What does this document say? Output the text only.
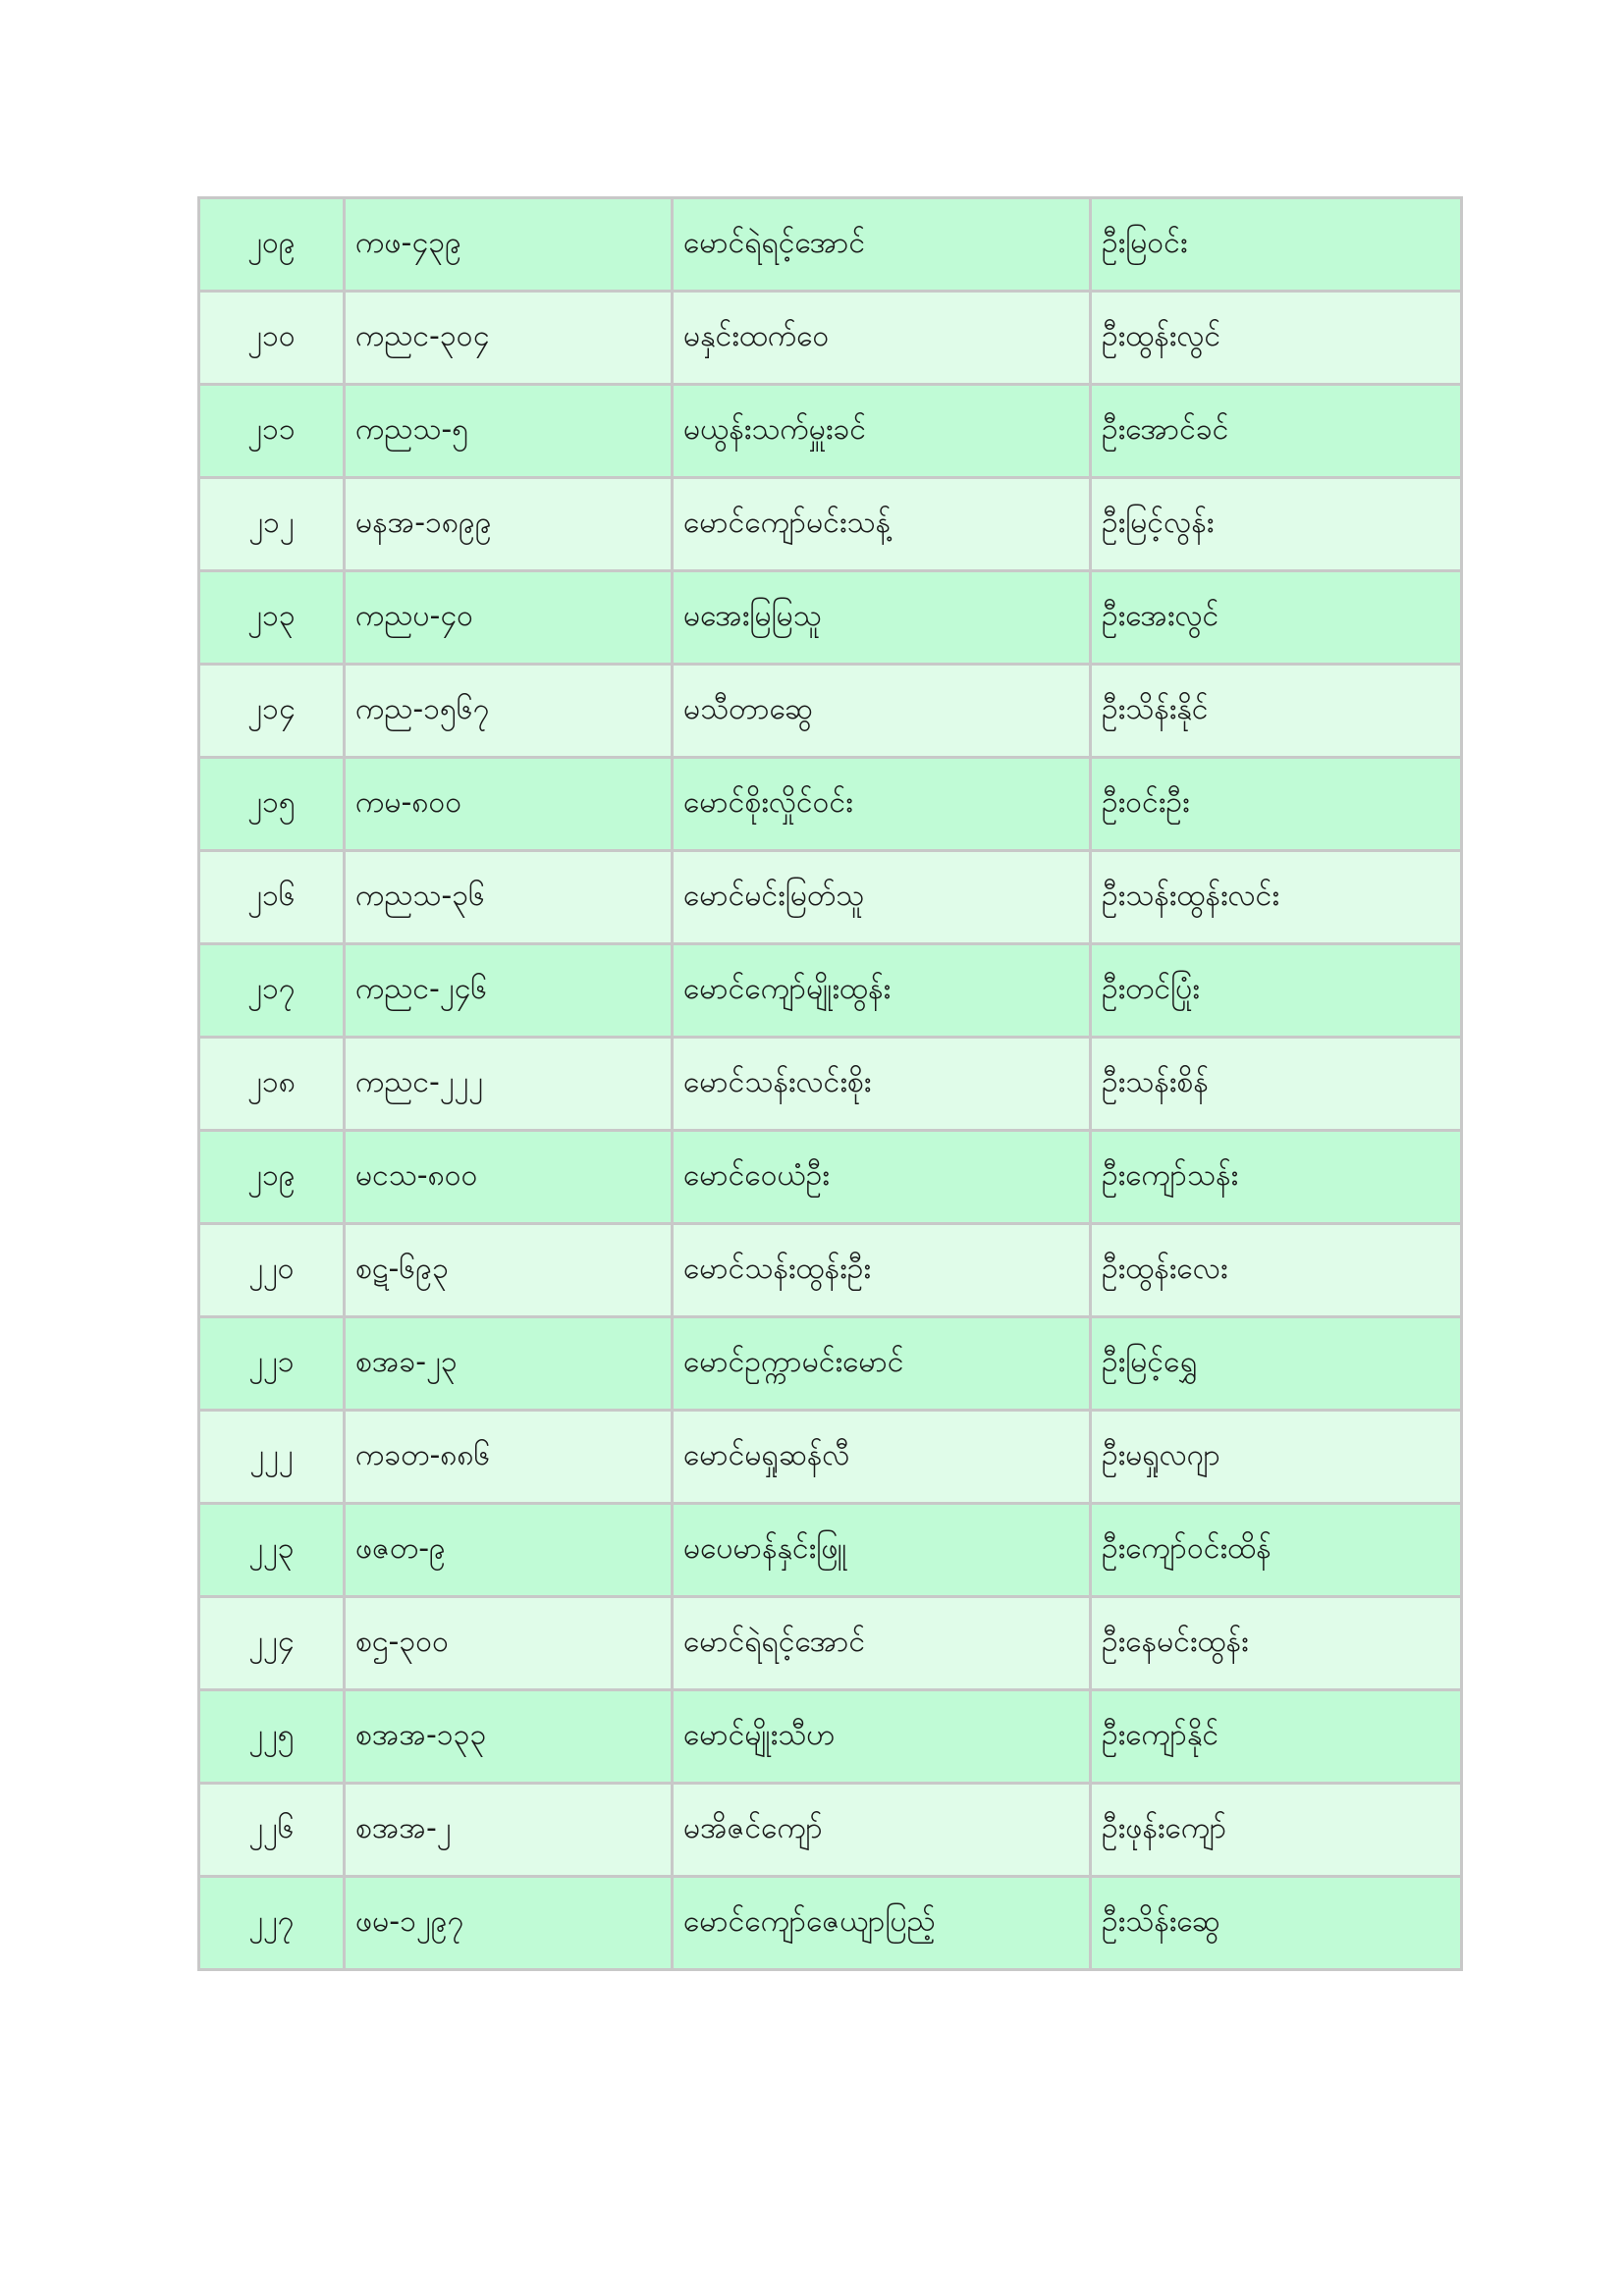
၂၀၉	ကဖ-၄၃၉	မောင်ရဲရင့်အောင်	ဦးမြဝင်း
၂၁၀	ကညင-၃၀၄	မနှင်းထက်ဝေ	ဦးထွန်းလွင်
၂၁၁	ကညသ-၅	မယွန်းသက်မှူးခင်	ဦးအောင်ခင်
၂၁၂	မနအ-၁၈၉၉	မောင်ကျော်မင်းသန့်	ဦးမြင့်လွန်း
၂၁၃	ကညပ-၄၀	မအေးမြမြသူ	ဦးအေးလွင်
၂၁၄	ကည-၁၅၆၇	မသီတာဆွေ	ဦးသိန်းနိုင်
၂၁၅	ကမ-၈၀၀	မောင်စိုးလှိုင်ဝင်း	ဦးဝင်းဦး
၂၁၆	ကညသ-၃၆	မောင်မင်းမြတ်သူ	ဦးသန်းထွန်းလင်း
၂၁၇	ကညင-၂၄၆	မောင်ကျော်မျိုးထွန်း	ဦးတင်ပြုံး
၂၁၈	ကညင-၂၂၂	မောင်သန်းလင်းစိုး	ဦးသန်းစိန်
၂၁၉	မငသ-၈၀၀	မောင်ဝေယံဦး	ဦးကျော်သန်း
၂၂၀	စဋ-၆၉၃	မောင်သန်းထွန်းဦး	ဦးထွန်းလေး
၂၂၁	စအခ-၂၃	မောင်ဥက္ကာမင်းမောင်	ဦးမြင့်ရွှေ
၂၂၂	ကခတ-၈၈၆	မောင်မရှုဆန်လီ	ဦးမရှုလဂျာ
၂၂၃	ဖဇတ-၉	မပေမာန်နှင်းဖြူ	ဦးကျော်ဝင်းထိန်
၂၂၄	စဌ-၃၀၀	မောင်ရဲရင့်အောင်	ဦးနေမင်းထွန်း
၂၂၅	စအအ-၁၃၃	မောင်မျိုးသီဟ	ဦးကျော်နိုင်
၂၂၆	စအအ-၂	မအိဇင်ကျော်	ဦးဖုန်းကျော်
၂၂၇	ဖမ-၁၂၉၇	မောင်ကျော်ဇေယျာပြည့်	ဦးသိန်းဆွေ
